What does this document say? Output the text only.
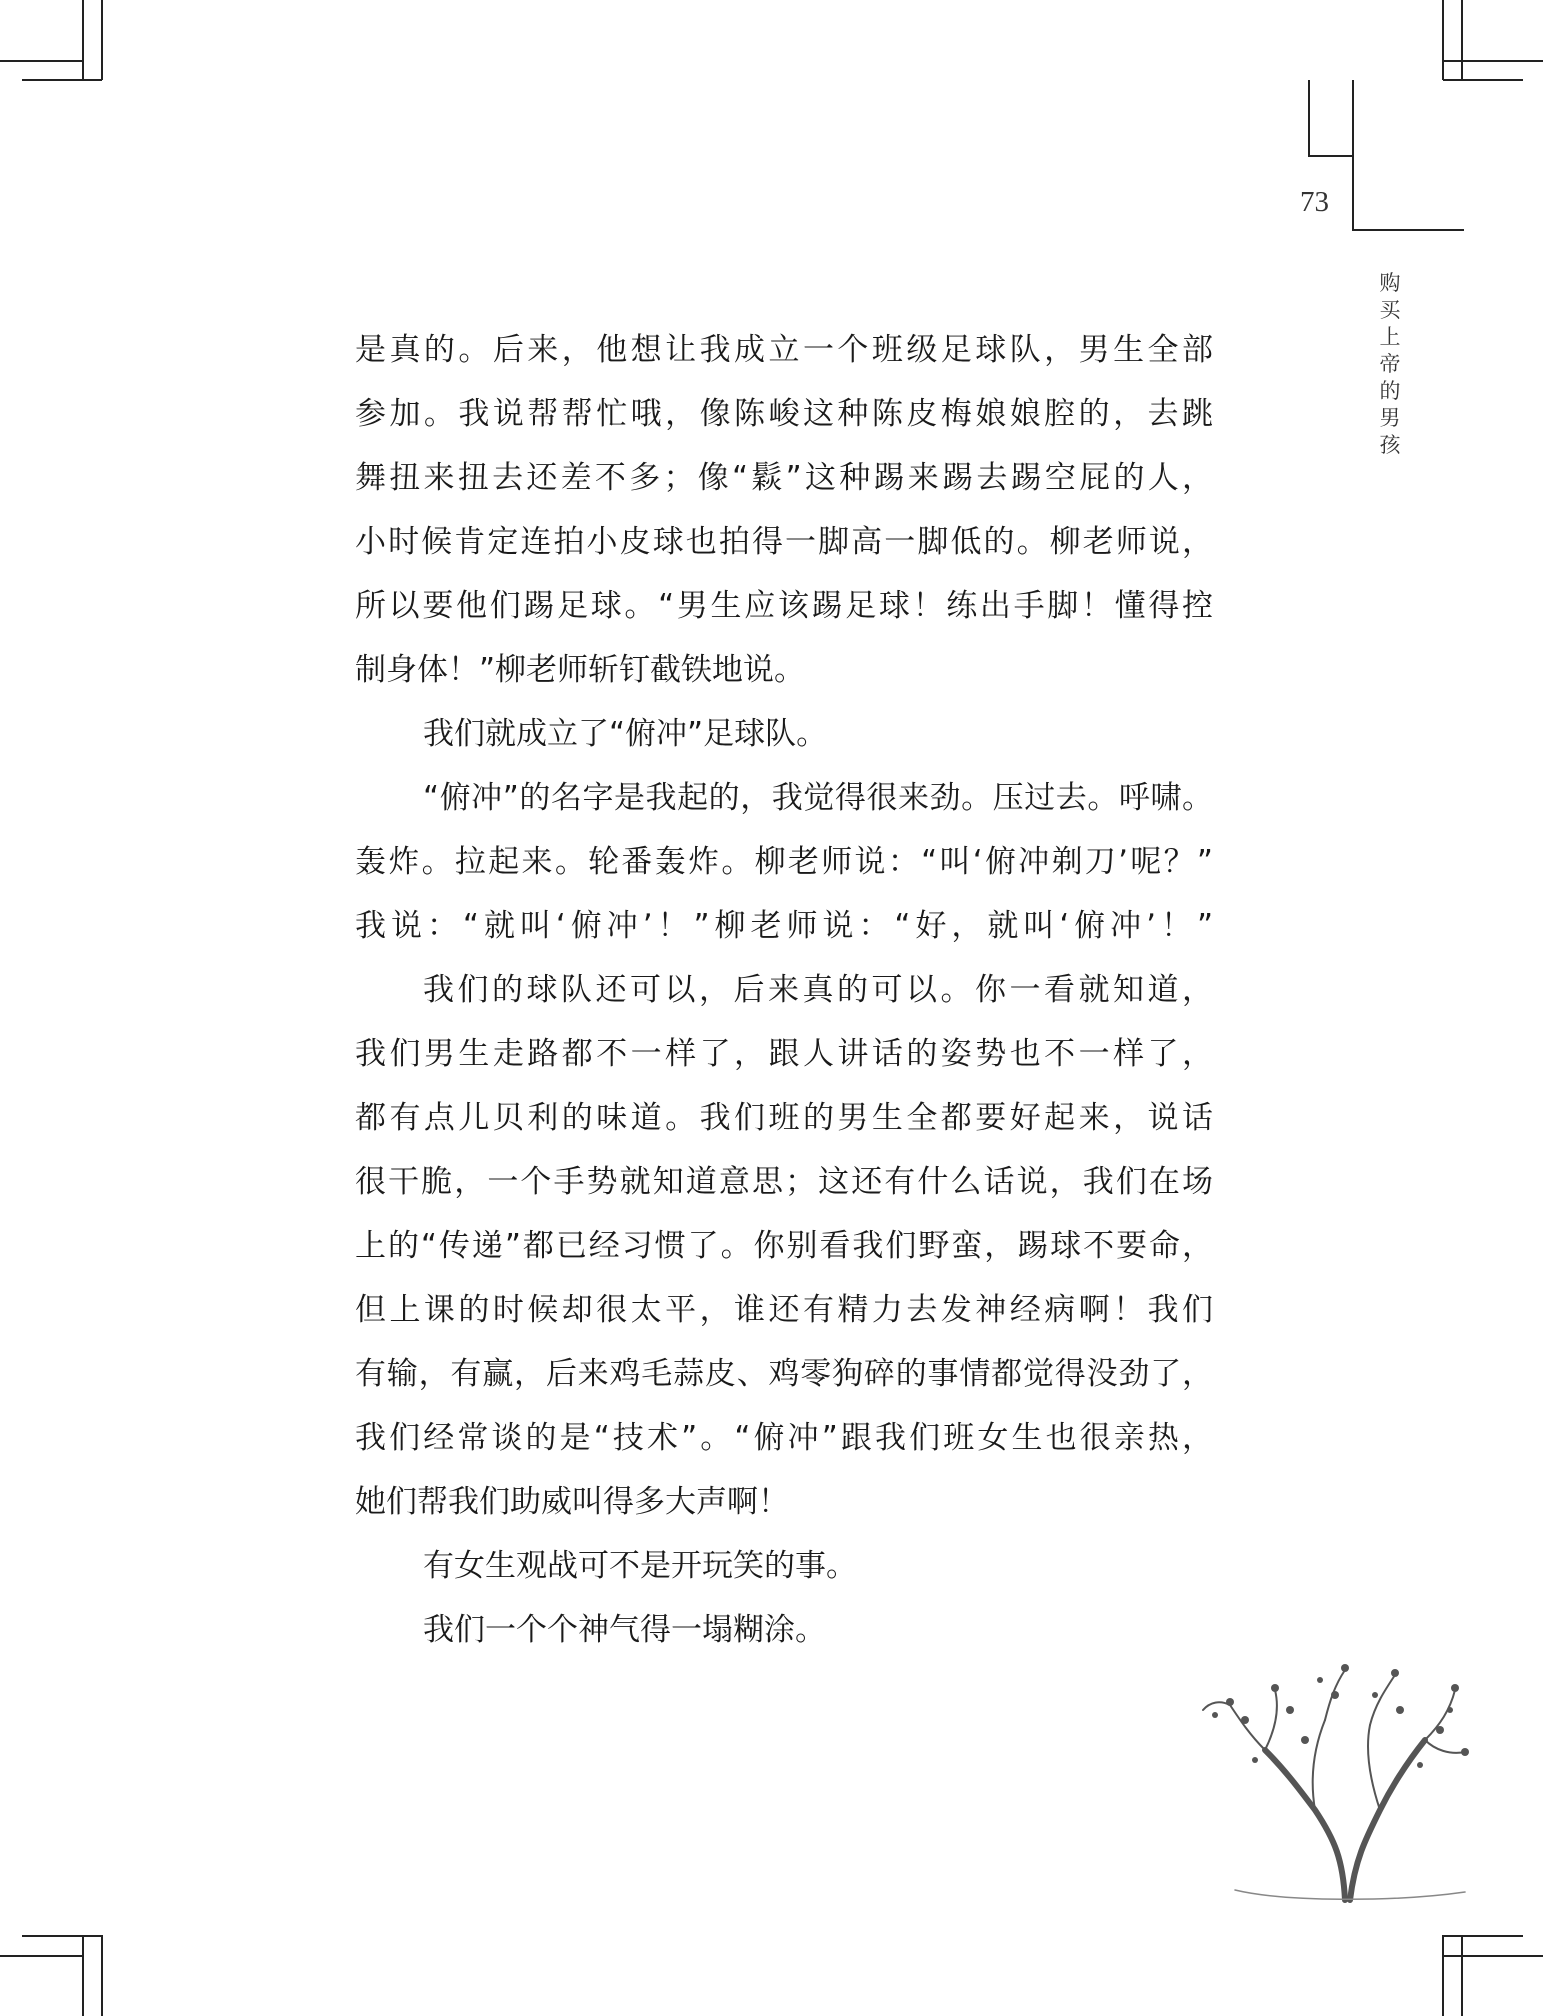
73
购
买
上
帝
的
男
孩
是真的。后来，他想让我成立一个班级足球队，男生全部
参加。我说帮帮忙哦，像陈峻这种陈皮梅娘娘腔的，去跳
舞扭来扭去还差不多；像“鬏”这种踢来踢去踢空屁的人，
小时候肯定连拍小皮球也拍得一脚高一脚低的。柳老师说，
所以要他们踢足球。“男生应该踢足球！练出手脚！懂得控
制身体！”柳老师斩钉截铁地说。
我们就成立了“俯冲”足球队。
“俯冲”的名字是我起的，我觉得很来劲。压过去。呼啸。
轰炸。拉起来。轮番轰炸。柳老师说：“叫‘俯冲剃刀’呢？”
我说：“就叫‘俯冲’！”柳老师说：“好，就叫‘俯冲’！”
我们的球队还可以，后来真的可以。你一看就知道，
我们男生走路都不一样了，跟人讲话的姿势也不一样了，
都有点儿贝利的味道。我们班的男生全都要好起来，说话
很干脆，一个手势就知道意思；这还有什么话说，我们在场
上的“传递”都已经习惯了。你别看我们野蛮，踢球不要命，
但上课的时候却很太平，谁还有精力去发神经病啊！我们
有输，有赢，后来鸡毛蒜皮、鸡零狗碎的事情都觉得没劲了，
我们经常谈的是“技术”。“俯冲”跟我们班女生也很亲热，
她们帮我们助威叫得多大声啊！
有女生观战可不是开玩笑的事。
我们一个个神气得一塌糊涂。
